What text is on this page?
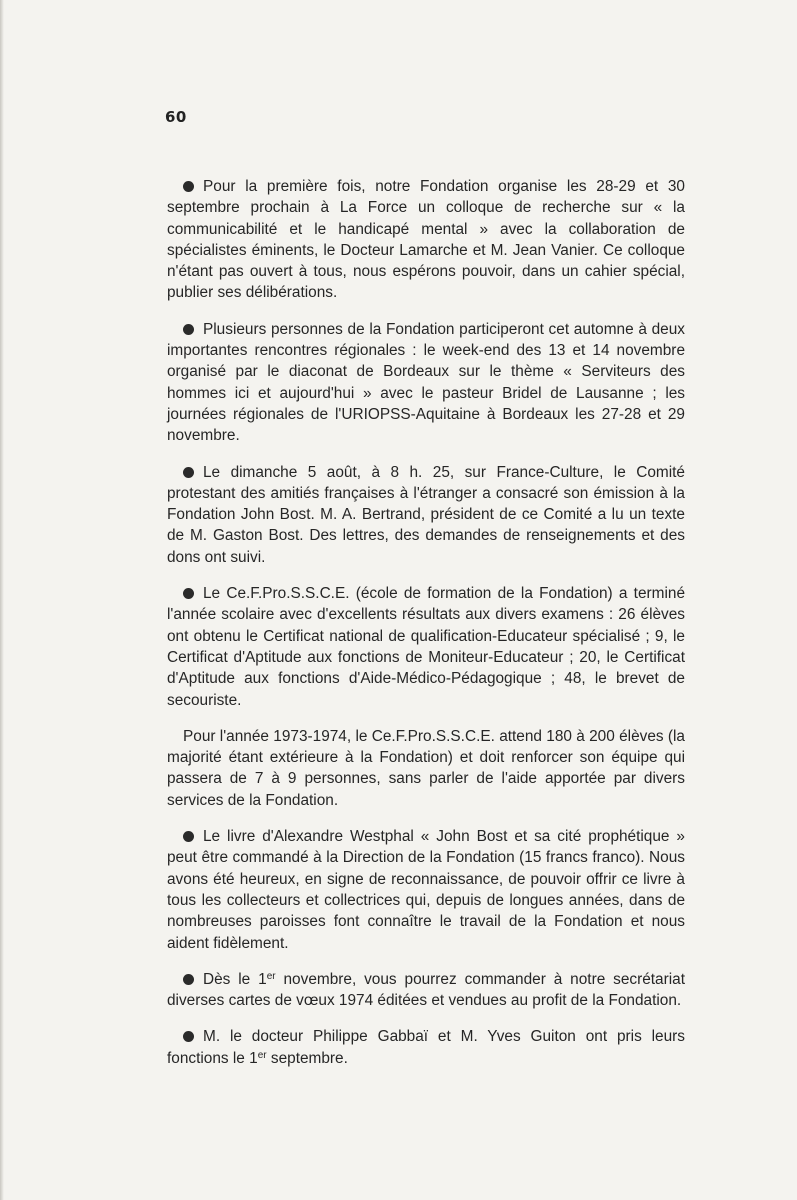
60

Pour la première fois, notre Fondation organise les 28-29 et 30 septembre prochain à La Force un colloque de recherche sur « la communicabilité et le handicapé mental » avec la collaboration de spécialistes éminents, le Docteur Lamarche et M. Jean Vanier. Ce colloque n'étant pas ouvert à tous, nous espérons pouvoir, dans un cahier spécial, publier ses délibérations.

Plusieurs personnes de la Fondation participeront cet automne à deux importantes rencontres régionales : le week-end des 13 et 14 novembre organisé par le diaconat de Bordeaux sur le thème « Serviteurs des hommes ici et aujourd'hui » avec le pasteur Bridel de Lausanne ; les journées régionales de l'URIOPSS-Aquitaine à Bordeaux les 27-28 et 29 novembre.

Le dimanche 5 août, à 8 h. 25, sur France-Culture, le Comité protestant des amitiés françaises à l'étranger a consacré son émission à la Fondation John Bost. M. A. Bertrand, président de ce Comité a lu un texte de M. Gaston Bost. Des lettres, des demandes de renseignements et des dons ont suivi.

Le Ce.F.Pro.S.S.C.E. (école de formation de la Fondation) a terminé l'année scolaire avec d'excellents résultats aux divers examens : 26 élèves ont obtenu le Certificat national de qualification-Educateur spécialisé ; 9, le Certificat d'Aptitude aux fonctions de Moniteur-Educateur ; 20, le Certificat d'Aptitude aux fonctions d'Aide-Médico-Pédagogique ; 48, le brevet de secouriste.

Pour l'année 1973-1974, le Ce.F.Pro.S.S.C.E. attend 180 à 200 élèves (la majorité étant extérieure à la Fondation) et doit renforcer son équipe qui passera de 7 à 9 personnes, sans parler de l'aide apportée par divers services de la Fondation.

Le livre d'Alexandre Westphal « John Bost et sa cité prophétique » peut être commandé à la Direction de la Fondation (15 francs franco). Nous avons été heureux, en signe de reconnaissance, de pouvoir offrir ce livre à tous les collecteurs et collectrices qui, depuis de longues années, dans de nombreuses paroisses font connaître le travail de la Fondation et nous aident fidèlement.

Dès le 1er novembre, vous pourrez commander à notre secrétariat diverses cartes de vœux 1974 éditées et vendues au profit de la Fondation.

M. le docteur Philippe Gabbaï et M. Yves Guiton ont pris leurs fonctions le 1er septembre.
